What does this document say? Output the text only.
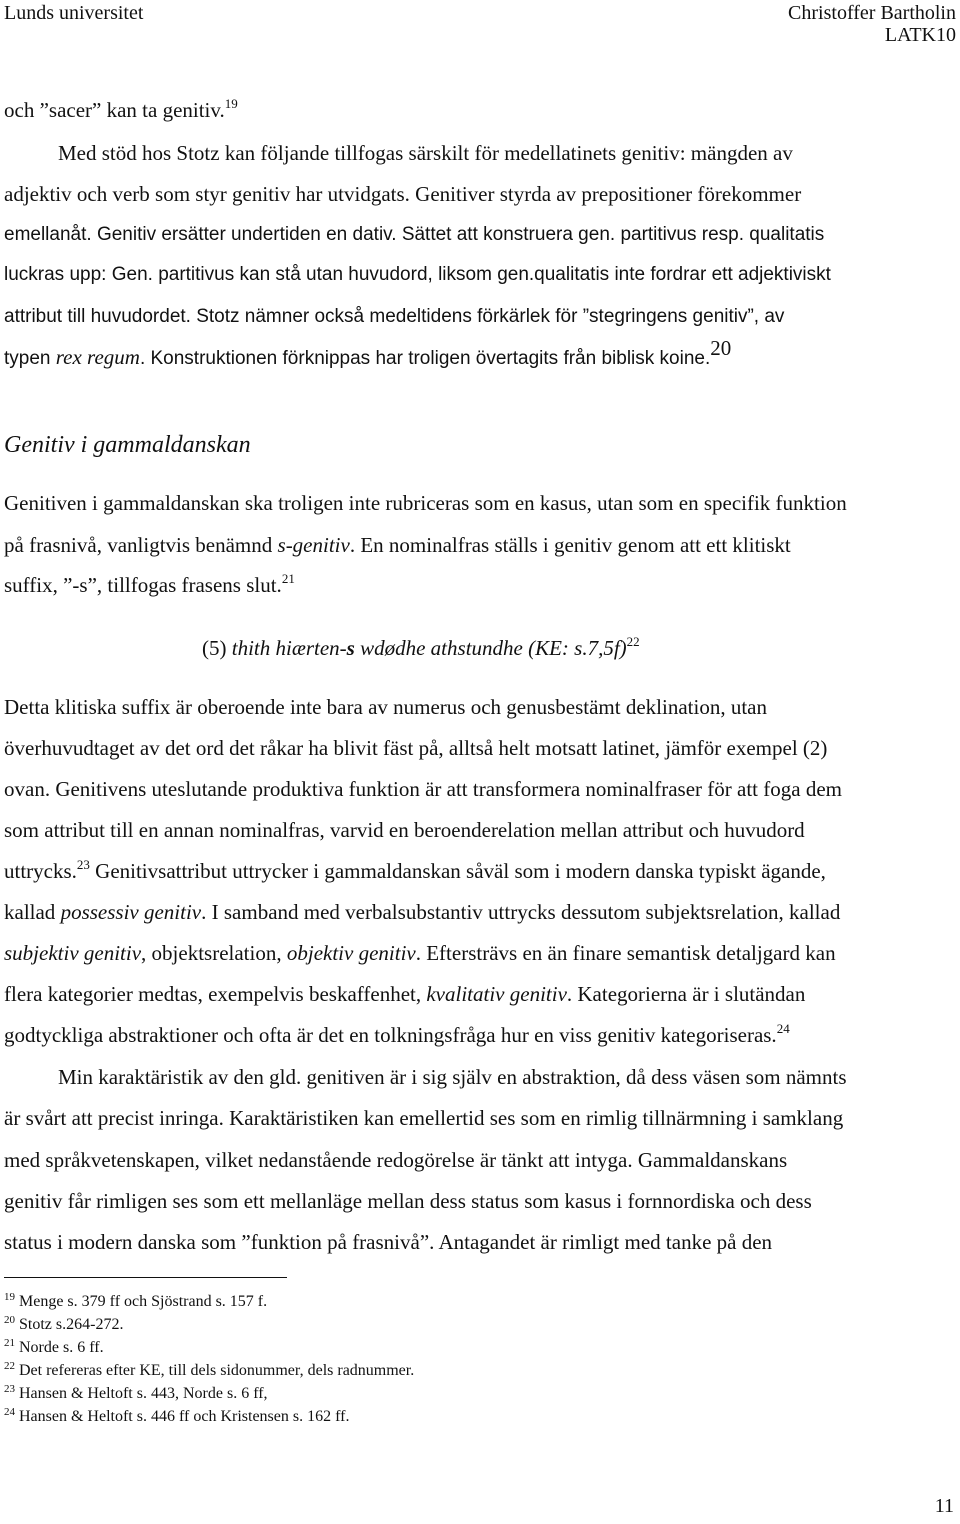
Lunds universitet	Christoffer Bartholin
LATK10
och ”sacer” kan ta genitiv.$^{19}$
Med stöd hos Stotz kan följande tillfogas särskilt för medellatinets genitiv: mängden av
adjektiv och verb som styr genitiv har utvidgats. Genitiver styrda av prepositioner förekommer
emellanåt. Genitiv ersätter undertiden en dativ. Sättet att konstruera gen. partitivus resp. qualitatis
luckras upp: Gen. partitivus kan stå utan huvudord, liksom gen.qualitatis inte fordrar ett adjektiviskt
attribut till huvudordet. Stotz nämner också medeltidens förkärlek för ”stegringens genitiv”, av
typen rex regum. Konstruktionen förknippas har troligen övertagits från biblisk koine.$^{20}$
Genitiv i gammaldanskan
Genitiven i gammaldanskan ska troligen inte rubriceras som en kasus, utan som en specifik funktion
på frasnivå, vanligtvis benämnd s-genitiv. En nominalfras ställs i genitiv genom att ett klitiskt
suffix, ”-s”, tillfogas frasens slut.$^{21}$
(5) thith hiærten-s wdødhe athstundhe (KE: s.7,5f)$^{22}$
Detta klitiska suffix är oberoende inte bara av numerus och genusbestämt deklination, utan
överhuvudtaget av det ord det råkar ha blivit fäst på, alltså helt motsatt latinet, jämför exempel (2)
ovan. Genitivens uteslutande produktiva funktion är att transformera nominalfraser för att foga dem
som attribut till en annan nominalfras, varvid en beroenderelation mellan attribut och huvudord
uttrycks.$^{23}$ Genitivsattribut uttrycker i gammaldanskan såväl som i modern danska typiskt ägande,
kallad possessiv genitiv. I samband med verbalsubstantiv uttrycks dessutom subjektsrelation, kallad
subjektiv genitiv, objektsrelation, objektiv genitiv. Eftersträvs en än finare semantisk detaljgard kan
flera kategorier medtas, exempelvis beskaffenhet, kvalitativ genitiv. Kategorierna är i slutändan
godtyckliga abstraktioner och ofta är det en tolkningsfråga hur en viss genitiv kategoriseras.$^{24}$
Min karaktäristik av den gld. genitiven är i sig själv en abstraktion, då dess väsen som nämnts
är svårt att precist inringa. Karaktäristiken kan emellertid ses som en rimlig tillnärmning i samklang
med språkvetenskapen, vilket nedanstående redogörelse är tänkt att intyga. Gammaldanskans
genitiv får rimligen ses som ett mellanläge mellan dess status som kasus i fornnordiska och dess
status i modern danska som ”funktion på frasnivå”. Antagandet är rimligt med tanke på den
$^{19}$ Menge s. 379 ff och Sjöstrand s. 157 f.
$^{20}$ Stotz s.264-272.
$^{21}$ Norde s. 6 ff.
$^{22}$ Det refereras efter KE, till dels sidonummer, dels radnummer.
$^{23}$ Hansen & Heltoft s. 443, Norde s. 6 ff,
$^{24}$ Hansen & Heltoft s. 446 ff och Kristensen s. 162 ff.
11
